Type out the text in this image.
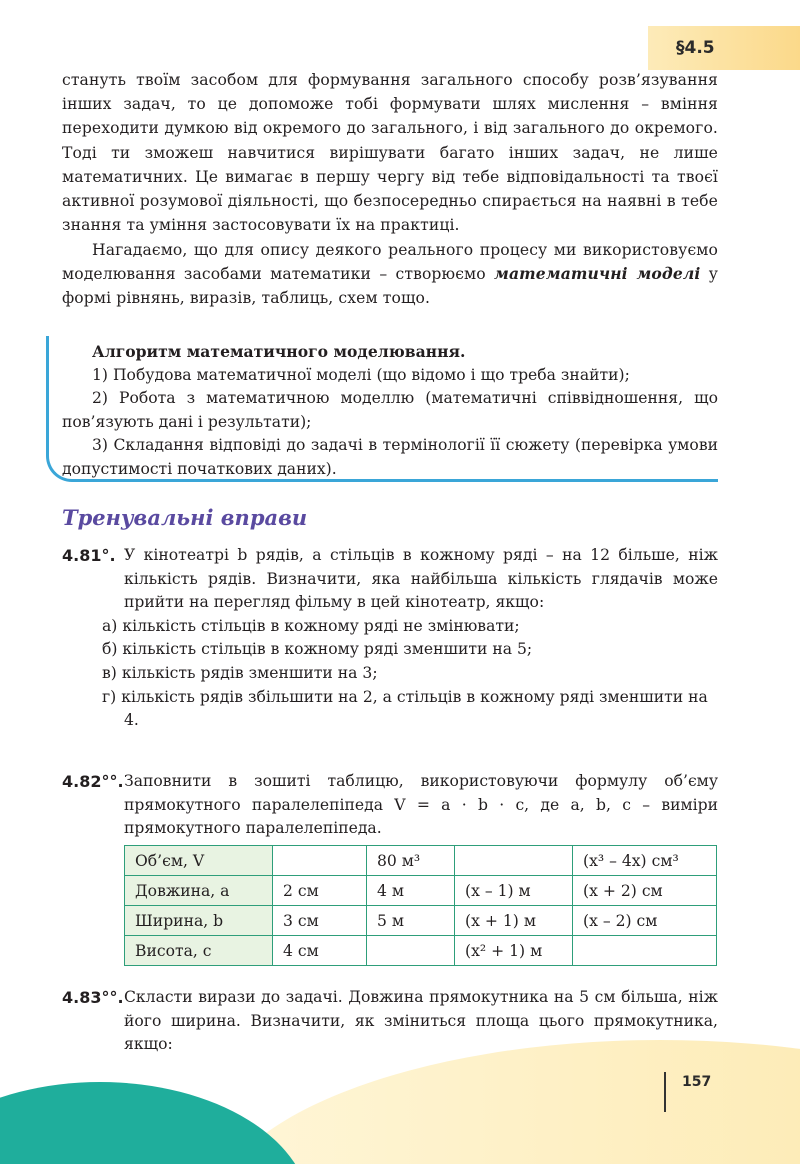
§4.5

стануть твоїм засобом для формування загального способу розв’язування інших задач, то це допоможе тобі формувати шлях мислення – вміння переходити думкою від окремого до загального, і від загального до окремого. Тоді ти зможеш навчитися вирішувати багато інших задач, не лише математичних. Це вимагає в першу чергу від тебе відповідальності та твоєї активної розумової діяльності, що безпосередньо спирається на наявні в тебе знання та уміння застосовувати їх на практиці.

Нагадаємо, що для опису деякого реального процесу ми використовуємо моделювання засобами математики – створюємо математичні моделі у формі рівнянь, виразів, таблиць, схем тощо.

Алгоритм математичного моделювання.
1) Побудова математичної моделі (що відомо і що треба знайти);
2) Робота з математичною моделлю (математичні співвідношення, що пов’язують дані і результати);
3) Складання відповіді до задачі в термінології її сюжету (перевірка умови допустимості початкових даних).
Тренувальні вправи
4.81°. У кінотеатрі b рядів, а стільців в кожному ряді – на 12 більше, ніж кількість рядів. Визначити, яка найбільша кількість глядачів може прийти на перегляд фільму в цей кінотеатр, якщо:
а) кількість стільців в кожному ряді не змінювати;
б) кількість стільців в кожному ряді зменшити на 5;
в) кількість рядів зменшити на 3;
г) кількість рядів збільшити на 2, а стільців в кожному ряді зменшити на 4.
4.82°°. Заповнити в зошиті таблицю, використовуючи формулу об’єму прямокутного паралелепіпеда V = a · b · c, де a, b, c – виміри прямокутного паралелепіпеда.
Об’єм, V		80 м³		(x³ – 4x) см³
Довжина, a	2 см	4 м	(x – 1) м	(x + 2) см
Ширина, b	3 см	5 м	(x + 1) м	(x – 2) см
Висота, c	4 см		(x² + 1) м	
4.83°°. Скласти вирази до задачі. Довжина прямокутника на 5 см більша, ніж його ширина. Визначити, як зміниться площа цього прямокутника, якщо:
157
